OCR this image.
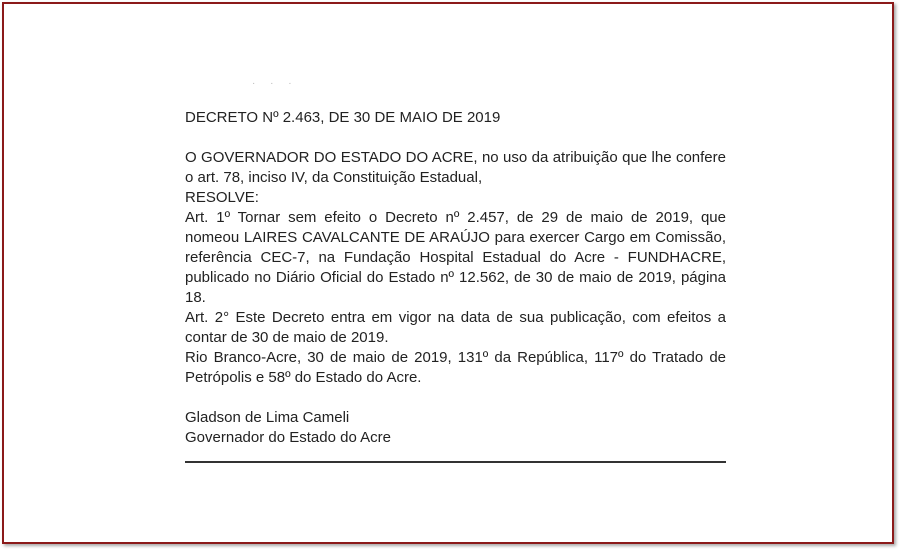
· · ·

DECRETO Nº 2.463, DE 30 DE MAIO DE 2019

O GOVERNADOR DO ESTADO DO ACRE, no uso da atribuição que lhe confere o art. 78, inciso IV, da Constituição Estadual,

RESOLVE:

Art. 1º Tornar sem efeito o Decreto nº 2.457, de 29 de maio de 2019, que nomeou LAIRES CAVALCANTE DE ARAÚJO para exercer Cargo em Comissão, referência CEC-7, na Fundação Hospital Estadual do Acre - FUNDHACRE, publicado no Diário Oficial do Estado nº 12.562, de 30 de maio de 2019, página 18.

Art. 2° Este Decreto entra em vigor na data de sua publicação, com efeitos a contar de 30 de maio de 2019.

Rio Branco-Acre, 30 de maio de 2019, 131º da República, 117º do Tratado de Petrópolis e 58º do Estado do Acre.

Gladson de Lima Cameli

Governador do Estado do Acre
